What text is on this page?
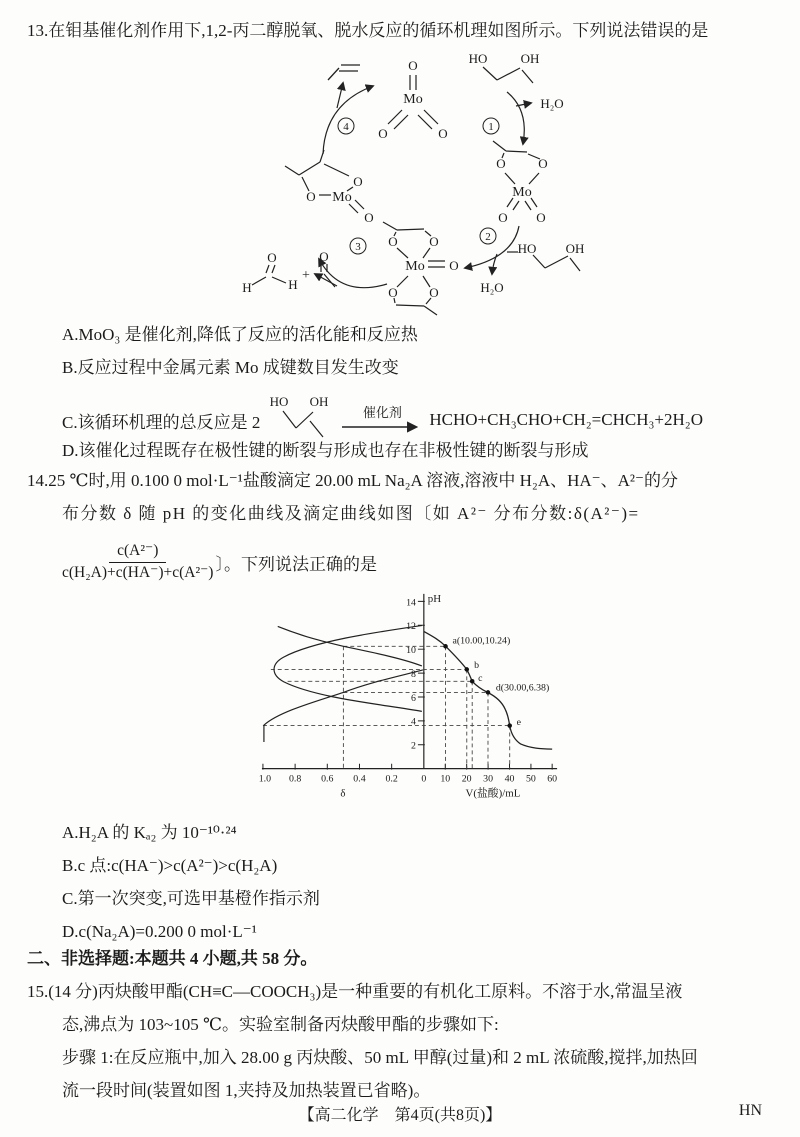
13.在钼基催化剂作用下,1,2-丙二醇脱氧、脱水反应的循环机理如图所示。下列说法错误的是
Mo
O
O	O
HO	OH
H₂O
1
O	O
Mo
O O
2
HO OH
H₂O
O O
Mo O
O O
3
O
H	H
+
O
O Mo
O
O
4
A.MoO₃ 是催化剂,降低了反应的活化能和反应热
B.反应过程中金属元素 Mo 成键数目发生改变
C.该循环机理的总反应是 2
HO OH
催化剂 HCHO+CH₃CHO+CH₂=CHCH₃+2H₂O
D.该催化过程既存在极性键的断裂与形成也存在非极性键的断裂与形成
14.25 ℃时,用 0.100 0 mol·L⁻¹盐酸滴定 20.00 mL Na₂A 溶液,溶液中 H₂A、HA⁻、A²⁻的分
布分数 δ 随 pH 的变化曲线及滴定曲线如图〔如 A²⁻ 分布分数:δ(A²⁻)=
$\frac{\text{c(A²⁻)}}{\text{c(H₂A)+c(HA⁻)+c(A²⁻)}}$ 〕。下列说法正确的是
14
12
10
8
6
4
2
pH
1.0 0.8 0.6 0.4 0.2 0 10 20 30 40 50 60
δ	V(盐酸)/mL
a(10.00,10.24)
b
c
d(30.00,6.38)
e
A.H₂A 的 Kₐ₂ 为 10⁻¹⁰·²⁴
B.c 点:c(HA⁻)>c(A²⁻)>c(H₂A)
C.第一次突变,可选甲基橙作指示剂
D.c(Na₂A)=0.200 0 mol·L⁻¹
二、非选择题:本题共 4 小题,共 58 分。
15.(14 分)丙炔酸甲酯(CH≡C—COOCH₃)是一种重要的有机化工原料。不溶于水,常温呈液
态,沸点为 103~105 ℃。实验室制备丙炔酸甲酯的步骤如下:
步骤 1:在反应瓶中,加入 28.00 g 丙炔酸、50 mL 甲醇(过量)和 2 mL 浓硫酸,搅拌,加热回
流一段时间(装置如图 1,夹持及加热装置已省略)。
【高二化学　第4页(共8页)】	HN
